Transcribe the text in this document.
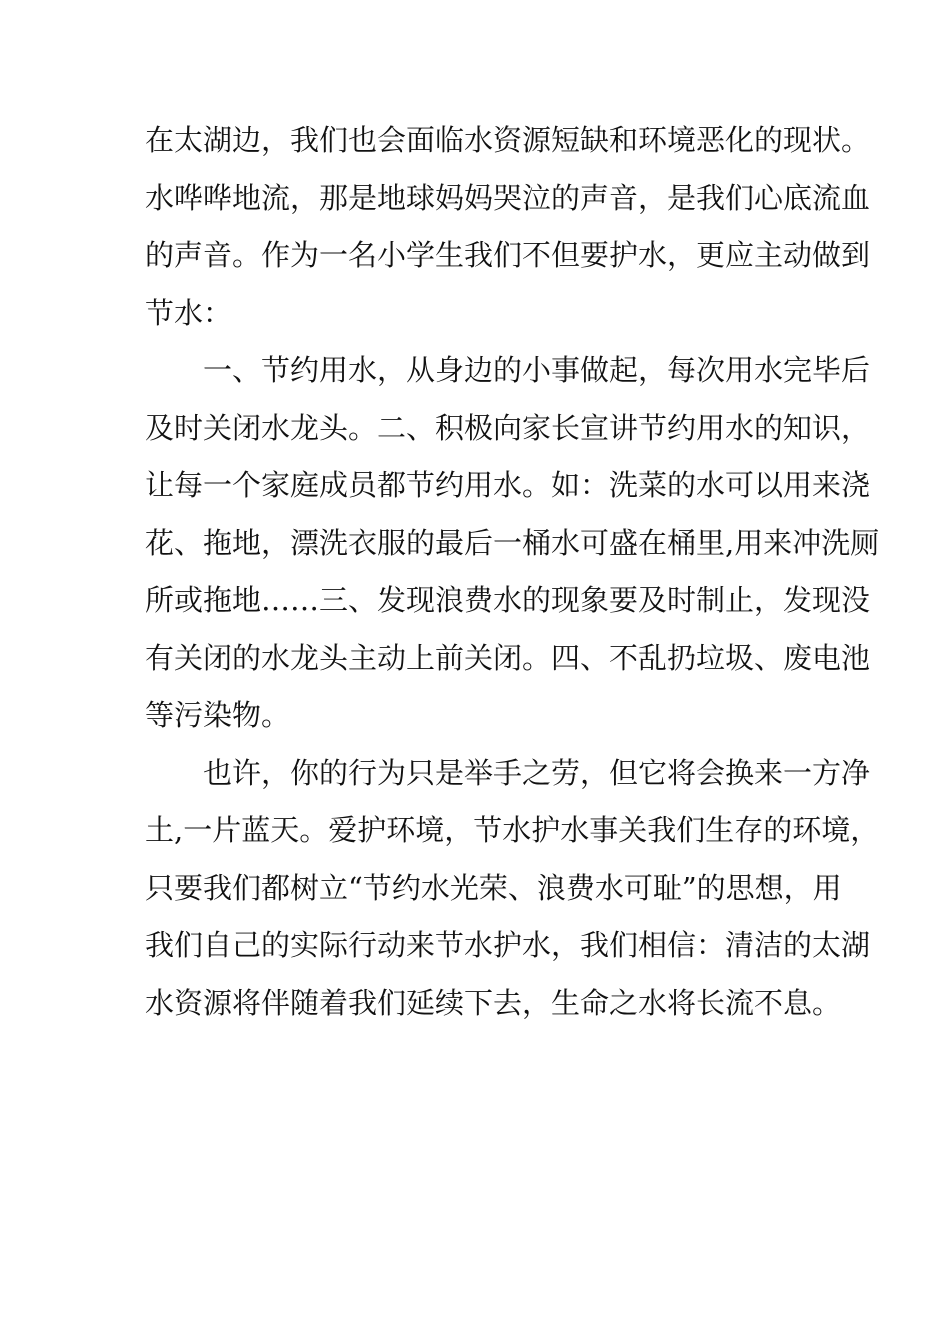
在太湖边，我们也会面临水资源短缺和环境恶化的现状。
水哗哗地流，那是地球妈妈哭泣的声音，是我们心底流血
的声音。作为一名小学生我们不但要护水，更应主动做到
节水：
　　一、节约用水，从身边的小事做起，每次用水完毕后
及时关闭水龙头。二、积极向家长宣讲节约用水的知识，
让每一个家庭成员都节约用水。如：洗菜的水可以用来浇
花、拖地，漂洗衣服的最后一桶水可盛在桶里,用来冲洗厕
所或拖地……三、发现浪费水的现象要及时制止，发现没
有关闭的水龙头主动上前关闭。四、不乱扔垃圾、废电池
等污染物。
　　也许，你的行为只是举手之劳，但它将会换来一方净
土,一片蓝天。爱护环境，节水护水事关我们生存的环境，
只要我们都树立“节约水光荣、浪费水可耻”的思想，用
我们自己的实际行动来节水护水，我们相信：清洁的太湖
水资源将伴随着我们延续下去，生命之水将长流不息。
